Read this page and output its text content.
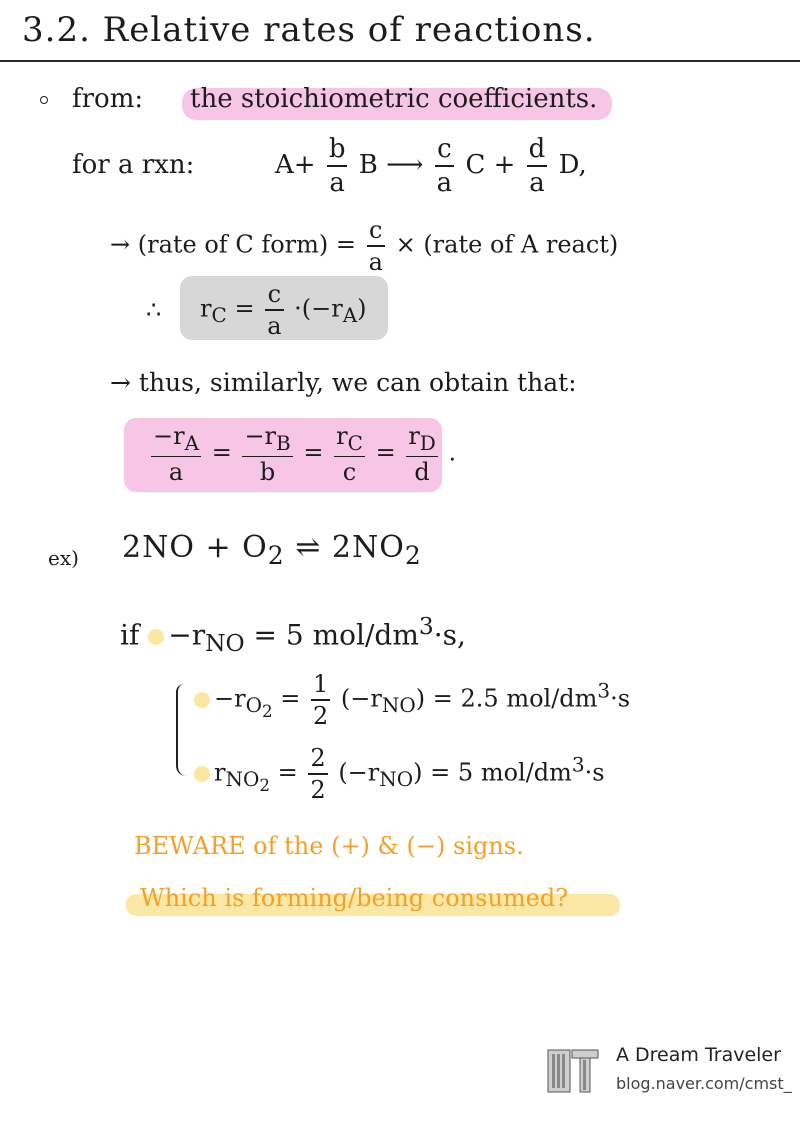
3.2. Relative rates of reactions.
from: the stoichiometric coefficients.
for a rxn:	$A+ \frac{b}{a}$ B ⟶ $\frac{c}{a}$ $C + \frac{d}{a} D$,
→ (rate of C form) = $\frac{c}{a}$ × (rate of A react)
∴ $r_C = \frac{c}{a} \cdot(-r_A)$
→ thus, similarly, we can obtain that:
$\frac{-r_A}{a} = \frac{-r_B}{b} = \frac{r_C}{c} = \frac{r_D}{d}$ .
ex) $2NO + O_2$ ⇌ $2NO_2$
if $-r_{NO} = 5$ mol/$dm^3\cdot s$,
$-r_{O_2} = \frac{1}{2} (-r_{NO}) = 2.5$ mol/$dm^3\cdot s$
$r_{NO_2} = \frac{2}{2} (-r_{NO}) = 5$ mol/$dm^3\cdot s$
BEWARE of the (+) & (−) signs.
Which is forming/being consumed?
A Dream Traveler
blog.naver.com/cmst_
